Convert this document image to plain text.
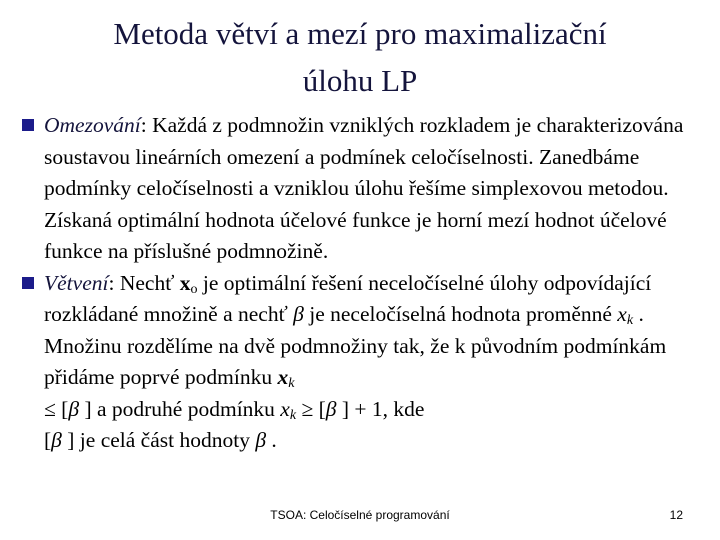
Metoda větví a mezí pro maximalizační
úlohu LP
Omezování: Každá z podmnožin vzniklých rozkladem je charakterizována soustavou lineárních omezení a podmínek celočíselnosti. Zanedbáme podmínky celočíselnosti a vzniklou úlohu řešíme simplexovou metodou. Získaná optimální hodnota účelové funkce je horní mezí hodnot účelové funkce na příslušné podmnožině.
Větvení: Nechť $x_o$ je optimální řešení neceločíselné úlohy odpovídající rozkládané množině a nechť β je neceločíselná hodnota proměnné $x_k$ . Množinu rozdělíme na dvě podmnožiny tak, že k původním podmínkám přidáme poprvé podmínku $x_k$
≤ [β ] a podruhé podmínku $x_k \ge [\beta$ ] + 1, kde
[β ] je celá část hodnoty β .
TSOA: Celočíselné programování	12
